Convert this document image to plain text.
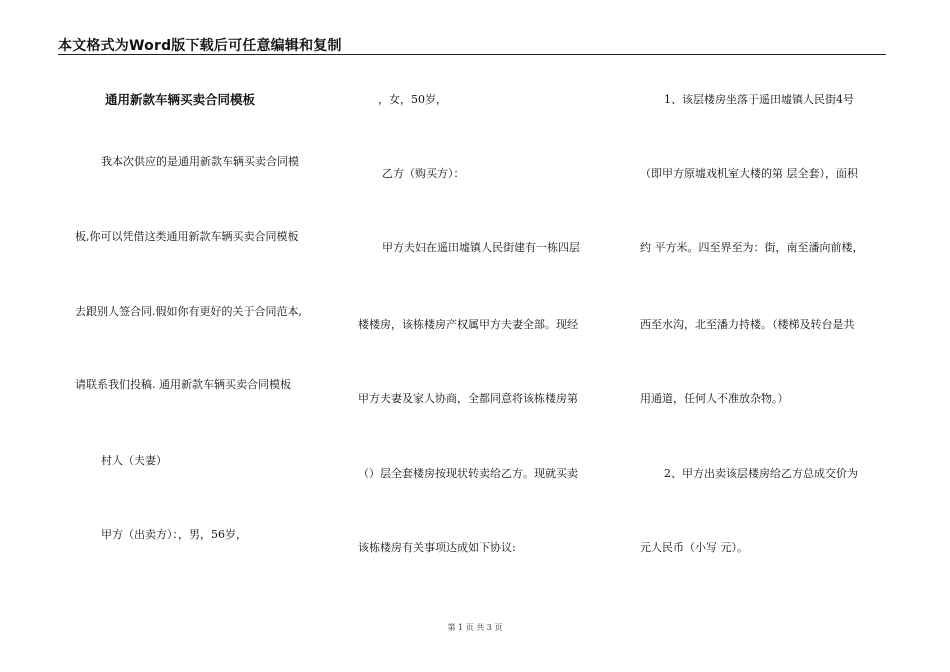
本文格式为Word版下载后可任意编辑和复制
通用新款车辆买卖合同模板
我本次供应的是通用新款车辆买卖合同模
板,你可以凭借这类通用新款车辆买卖合同模板
去跟别人签合同.假如你有更好的关于合同范本,
请联系我们投稿. 通用新款车辆买卖合同模板
村人（夫妻）
甲方（出卖方）：，男，56岁，
，女，50岁，
乙方（购买方）：
甲方夫妇在遥田墟镇人民街建有一栋四层
楼楼房，该栋楼房产权属甲方夫妻全部。现经
甲方夫妻及家人协商，全都同意将该栋楼房第
（）层全套楼房按现状转卖给乙方。现就买卖
该栋楼房有关事项达成如下协议:
1、该层楼房坐落于遥田墟镇人民街4号
（即甲方原墟戏机室大楼的第 层全套），面积
约 平方米。四至界至为：街，南至潘向前楼，
西至水沟，北至潘力持楼。（楼梯及转台是共
用通道，任何人不准放杂物。）
2、甲方出卖该层楼房给乙方总成交价为
元人民币（小写 元）。
第 1 页 共 3 页
